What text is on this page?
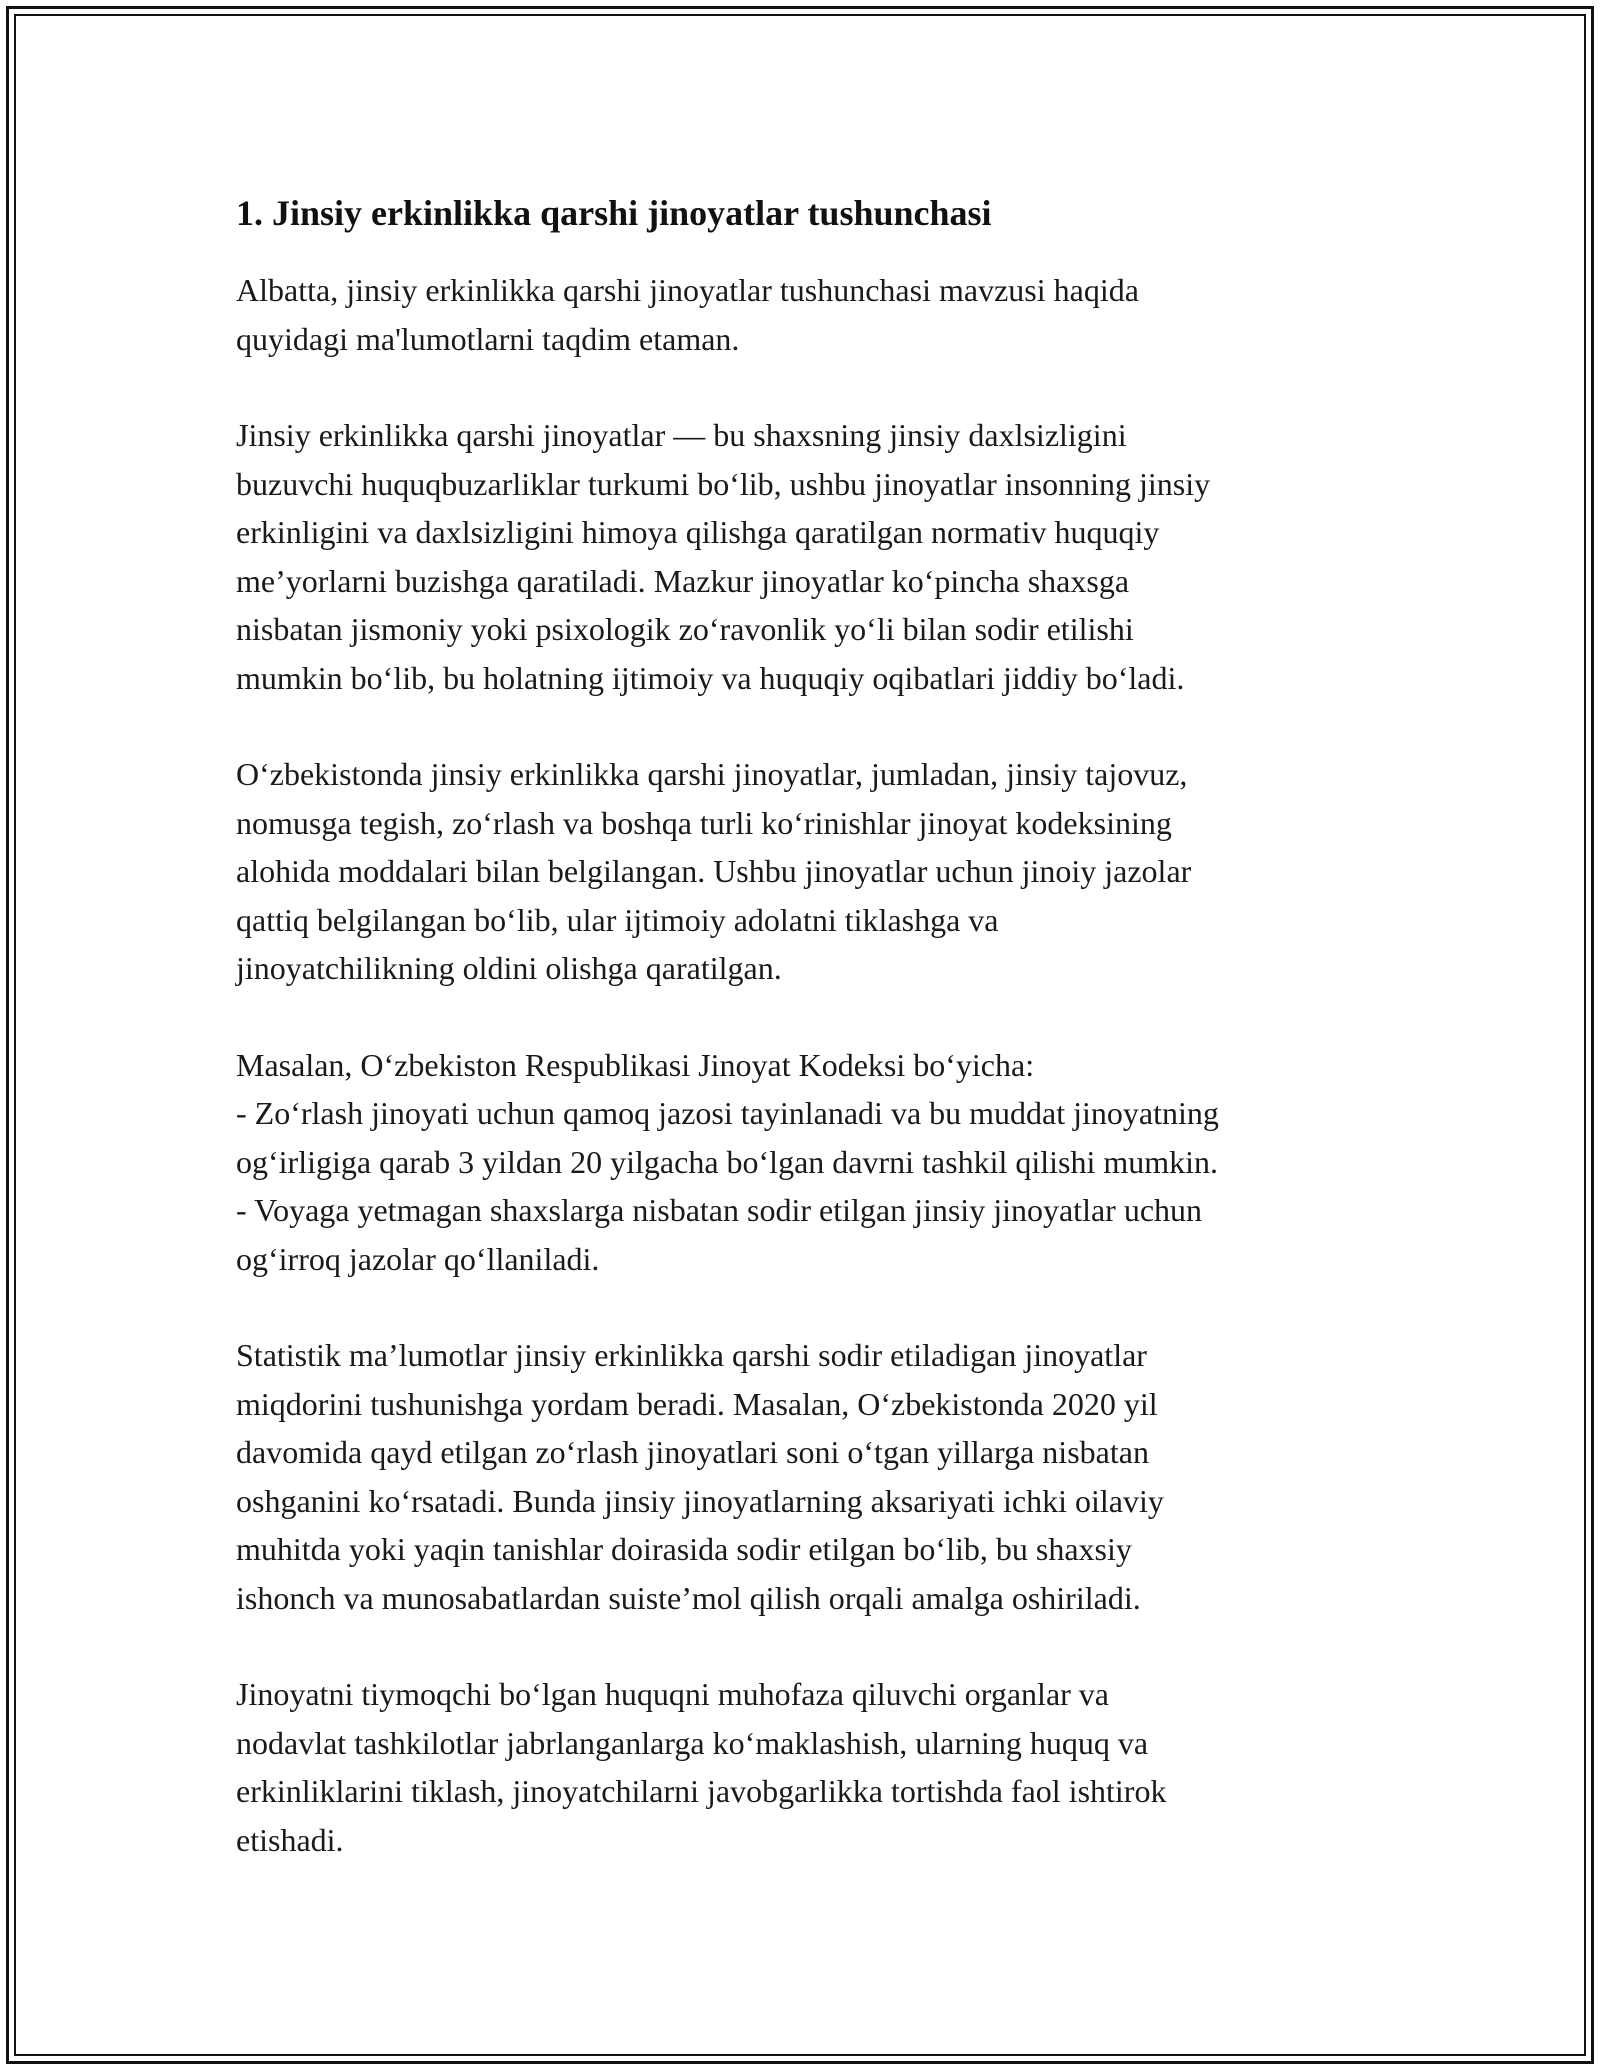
1. Jinsiy erkinlikka qarshi jinoyatlar tushunchasi

Albatta, jinsiy erkinlikka qarshi jinoyatlar tushunchasi mavzusi haqida
quyidagi ma'lumotlarni taqdim etaman.

Jinsiy erkinlikka qarshi jinoyatlar — bu shaxsning jinsiy daxlsizligini
buzuvchi huquqbuzarliklar turkumi bo‘lib, ushbu jinoyatlar insonning jinsiy
erkinligini va daxlsizligini himoya qilishga qaratilgan normativ huquqiy
me’yorlarni buzishga qaratiladi. Mazkur jinoyatlar ko‘pincha shaxsga
nisbatan jismoniy yoki psixologik zo‘ravonlik yo‘li bilan sodir etilishi
mumkin bo‘lib, bu holatning ijtimoiy va huquqiy oqibatlari jiddiy bo‘ladi.

O‘zbekistonda jinsiy erkinlikka qarshi jinoyatlar, jumladan, jinsiy tajovuz,
nomusga tegish, zo‘rlash va boshqa turli ko‘rinishlar jinoyat kodeksining
alohida moddalari bilan belgilangan. Ushbu jinoyatlar uchun jinoiy jazolar
qattiq belgilangan bo‘lib, ular ijtimoiy adolatni tiklashga va
jinoyatchilikning oldini olishga qaratilgan.

Masalan, O‘zbekiston Respublikasi Jinoyat Kodeksi bo‘yicha:
- Zo‘rlash jinoyati uchun qamoq jazosi tayinlanadi va bu muddat jinoyatning
og‘irligiga qarab 3 yildan 20 yilgacha bo‘lgan davrni tashkil qilishi mumkin.
- Voyaga yetmagan shaxslarga nisbatan sodir etilgan jinsiy jinoyatlar uchun
og‘irroq jazolar qo‘llaniladi.

Statistik ma’lumotlar jinsiy erkinlikka qarshi sodir etiladigan jinoyatlar
miqdorini tushunishga yordam beradi. Masalan, O‘zbekistonda 2020 yil
davomida qayd etilgan zo‘rlash jinoyatlari soni o‘tgan yillarga nisbatan
oshganini ko‘rsatadi. Bunda jinsiy jinoyatlarning aksariyati ichki oilaviy
muhitda yoki yaqin tanishlar doirasida sodir etilgan bo‘lib, bu shaxsiy
ishonch va munosabatlardan suiste’mol qilish orqali amalga oshiriladi.

Jinoyatni tiymoqchi bo‘lgan huquqni muhofaza qiluvchi organlar va
nodavlat tashkilotlar jabrlanganlarga ko‘maklashish, ularning huquq va
erkinliklarini tiklash, jinoyatchilarni javobgarlikka tortishda faol ishtirok
etishadi.
